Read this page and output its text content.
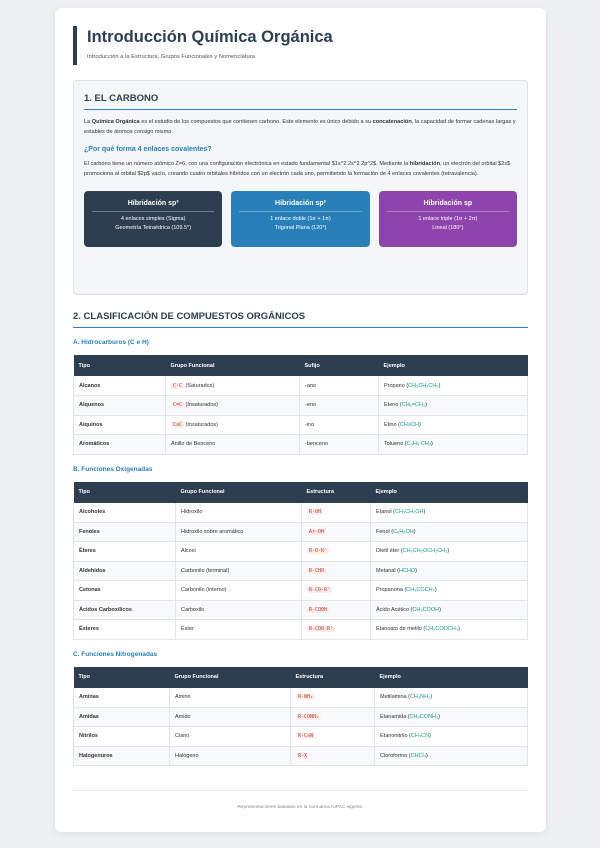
Introducción Química Orgánica
Introducción a la Estructura, Grupos Funcionales y Nomenclatura
1. EL CARBONO

La Química Orgánica es el estudio de los compuestos que contienen carbono. Este elemento es único debido a su concatenación, la capacidad de formar cadenas largas y estables de átomos consigo mismo.

¿Por qué forma 4 enlaces covalentes?

El carbono tiene un número atómico Z=6, con una configuración electrónica en estado fundamental $1s^2 2s^2 2p^2$. Mediante la hibridación, un electrón del orbital $2s$ promociona al orbital $2p$ vacío, creando cuatro orbitales híbridos con un electrón cada uno, permitiendo la formación de 4 enlaces covalentes (tetravalencia).

Hibridación sp³
4 enlaces simples (Sigma)
Geometría Tetraédrica (109.5°)
Hibridación sp²
1 enlace doble (1σ + 1π)
Trigonal Plana (120°)
Hibridación sp
1 enlace triple (1σ + 2π)
Lineal (180°)
2. CLASIFICACIÓN DE COMPUESTOS ORGÁNICOS
A. Hidrocarburos (C e H)
Tipo	Grupo Funcional	Sufijo	Ejemplo
Alcanos	C-C (Saturados)	-ano	Propano (CH₃CH₂CH₃)
Alquenos	C=C (Insaturados)	-eno	Eteno (CH₂=CH₂)
Alquinos	C≡C (Insaturados)	-ino	Etino (CH≡CH)
Aromáticos	Anillo de Benceno	-benceno	Tolueno (C₆H₅-CH₃)
B. Funciones Oxigenadas
Tipo	Grupo Funcional	Estructura	Ejemplo
Alcoholes	Hidroxilo	R-OH	Etanol (CH₃CH₂OH)
Fenoles	Hidroxilo sobre aromático	Ar-OH	Fenol (C₆H₅OH)
Éteres	Alcoxi	R-O-R'	Dietil éter (CH₃CH₂OCH₂CH₃)
Aldehídos	Carbonilo (terminal)	R-CHO	Metanal (HCHO)
Cetonas	Carbonilo (interno)	R-CO-R'	Propanona (CH₃COCH₃)
Ácidos Carboxílicos	Carboxilo	R-COOH	Ácido Acético (CH₃COOH)
Ésteres	Éster	R-COO-R'	Etanoato de metilo (CH₃COOCH₃)
C. Funciones Nitrogenadas
Tipo	Grupo Funcional	Estructura	Ejemplo
Aminas	Amino	R-NH₂	Metilamina (CH₃NH₂)
Amidas	Amido	R-CONH₂	Etanamida (CH₃CONH₂)
Nitrilos	Ciano	R-C≡N	Etanonitrilo (CH₃CN)
Halogenuros	Halógeno	R-X	Cloroformo (CHCl₃)
Representaciones basadas en la normativa IUPAC vigente.
